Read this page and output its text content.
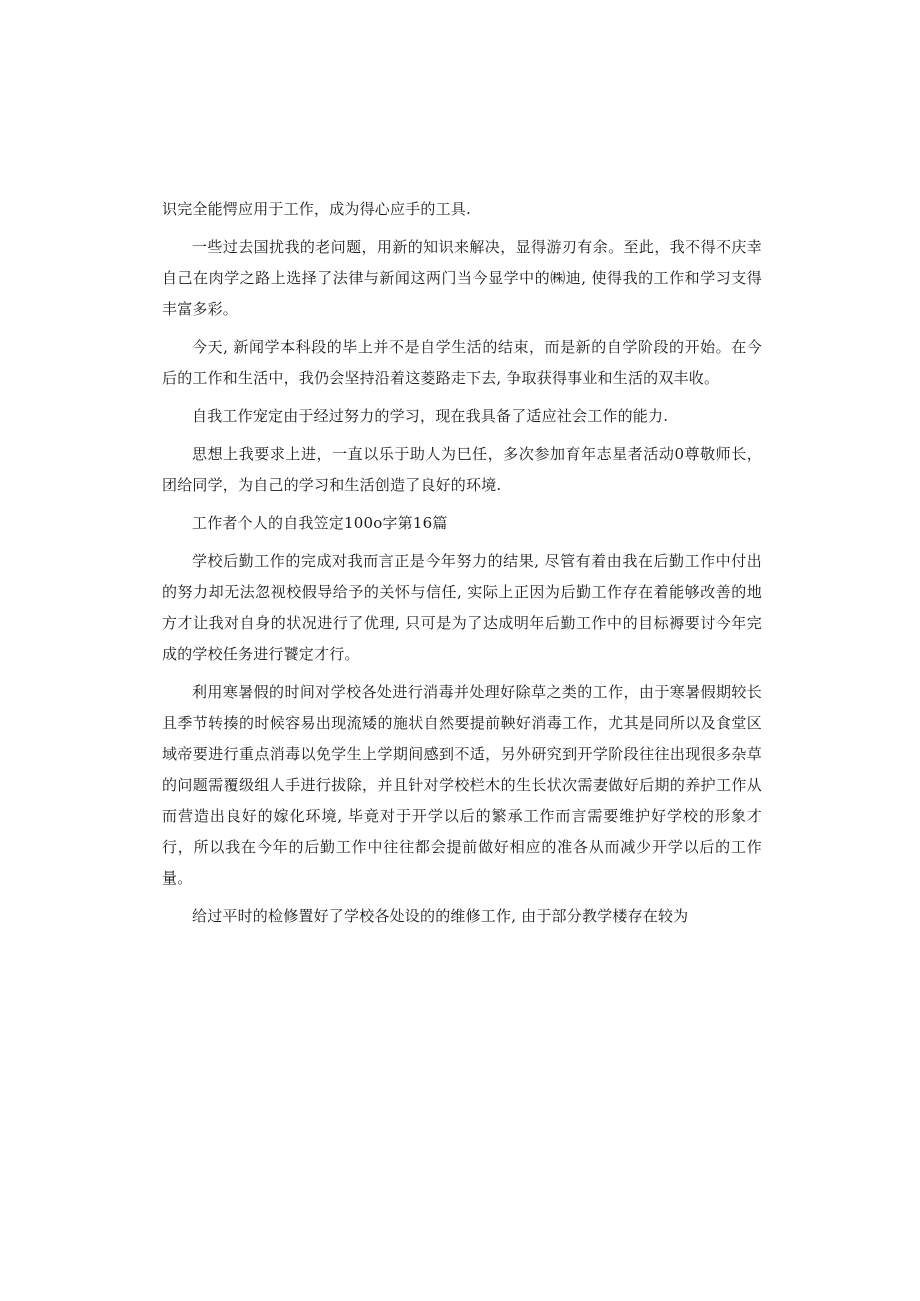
识完全能愕应用于工作，成为得心应手的工具.

一些过去国扰我的老问题，用新的知识来解决，显得游刃有余。至此，我不得不庆幸自己在肉学之路上选择了法律与新闻这两门当今显学中的㈱迪, 使得我的工作和学习支得丰富多彩。

今天, 新闻学本科段的毕上并不是自学生活的结束，而是新的自学阶段的开始。在今后的工作和生活中，我仍会坚持沿着这菱路走下去, 争取获得事业和生活的双丰收。

自我工作宠定由于经过努力的学习，现在我具备了适应社会工作的能力.

思想上我要求上进，一直以乐于助人为巳任，多次参加育年志星者活动0尊敬师长，团给同学，为自己的学习和生活创造了良好的环境.

工作者个人的自我笠定100o字第16篇

学校后勤工作的完成对我而言正是今年努力的结果, 尽管有着由我在后勤工作中付出的努力却无法忽视校假导给予的关怀与信任, 实际上正因为后勤工作存在着能够改善的地方才让我对自身的状况进行了优理, 只可是为了达成明年后勤工作中的目标褥要讨今年完成的学校任务进行饕定才行。

利用寒暑假的时间对学校各处进行消毒并处理好除草之类的工作，由于寒暑假期较长且季节转揍的时候容易出现流矮的施状自然要提前鞅好消毒工作，尤其是同所以及食堂区域帝要进行重点消毒以免学生上学期间感到不适，另外研究到开学阶段往往出现很多杂草的问题需覆级组人手进行拔除，并且针对学校栏木的生长状次需妻做好后期的养护工作从而营造出良好的嫁化环境, 毕竟对于开学以后的繁承工作而言需要维护好学校的形象才行，所以我在今年的后勤工作中往往都会提前做好相应的准各从而减少开学以后的工作量。

给过平时的检修置好了学校各处设的的维修工作, 由于部分教学楼存在较为
